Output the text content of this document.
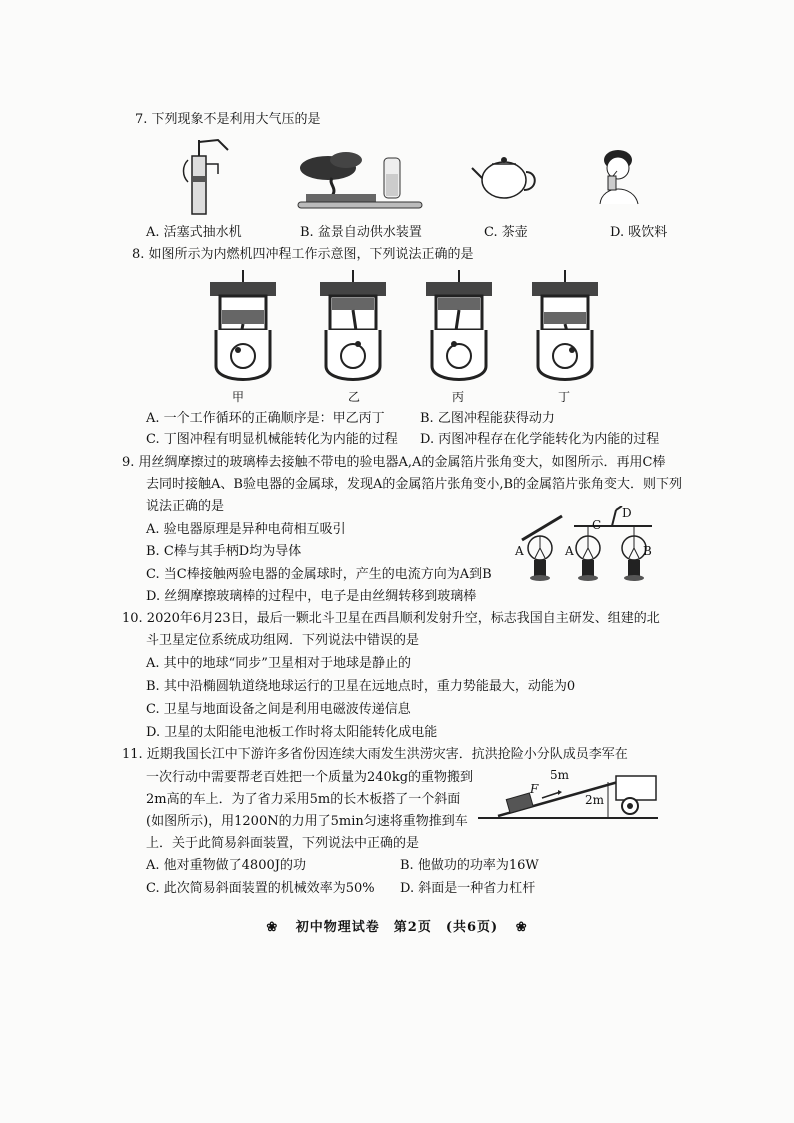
7. 下列现象不是利用大气压的是
A. 活塞式抽水机	B. 盆景自动供水装置	C. 茶壶	D. 吸饮料
8. 如图所示为内燃机四冲程工作示意图，下列说法正确的是
甲	乙	丙	丁
A. 一个工作循环的正确顺序是：甲乙丙丁	B. 乙图冲程能获得动力
C. 丁图冲程有明显机械能转化为内能的过程 D. 丙图冲程存在化学能转化为内能的过程
9. 用丝绸摩擦过的玻璃棒去接触不带电的验电器A,A的金属箔片张角变大，如图所示．再用C棒
去同时接触A、B验电器的金属球，发现A的金属箔片张角变小,B的金属箔片张角变大．则下列
说法正确的是
A. 验电器原理是异种电荷相互吸引
B. C棒与其手柄D均为导体
C. 当C棒接触两验电器的金属球时，产生的电流方向为A到B
D. 丝绸摩擦玻璃棒的过程中，电子是由丝绸转移到玻璃棒
A	A	B
C
D
10. 2020年6月23日，最后一颗北斗卫星在西昌顺利发射升空，标志我国自主研发、组建的北
斗卫星定位系统成功组网．下列说法中错误的是
A. 其中的地球“同步”卫星相对于地球是静止的
B. 其中沿椭圆轨道绕地球运行的卫星在远地点时，重力势能最大，动能为0
C. 卫星与地面设备之间是利用电磁波传递信息
D. 卫星的太阳能电池板工作时将太阳能转化成电能
11. 近期我国长江中下游许多省份因连续大雨发生洪涝灾害．抗洪抢险小分队成员李军在
一次行动中需要帮老百姓把一个质量为240kg的重物搬到
2m高的车上．为了省力采用5m的长木板搭了一个斜面
(如图所示)，用1200N的力用了5min匀速将重物推到车
上．关于此简易斜面装置，下列说法中正确的是
A. 他对重物做了4800J的功	B. 他做功的功率为16W
C. 此次简易斜面装置的机械效率为50% D. 斜面是一种省力杠杆
F
5m
2m
❀ 初中物理试卷　第2页　(共6页) ❀
